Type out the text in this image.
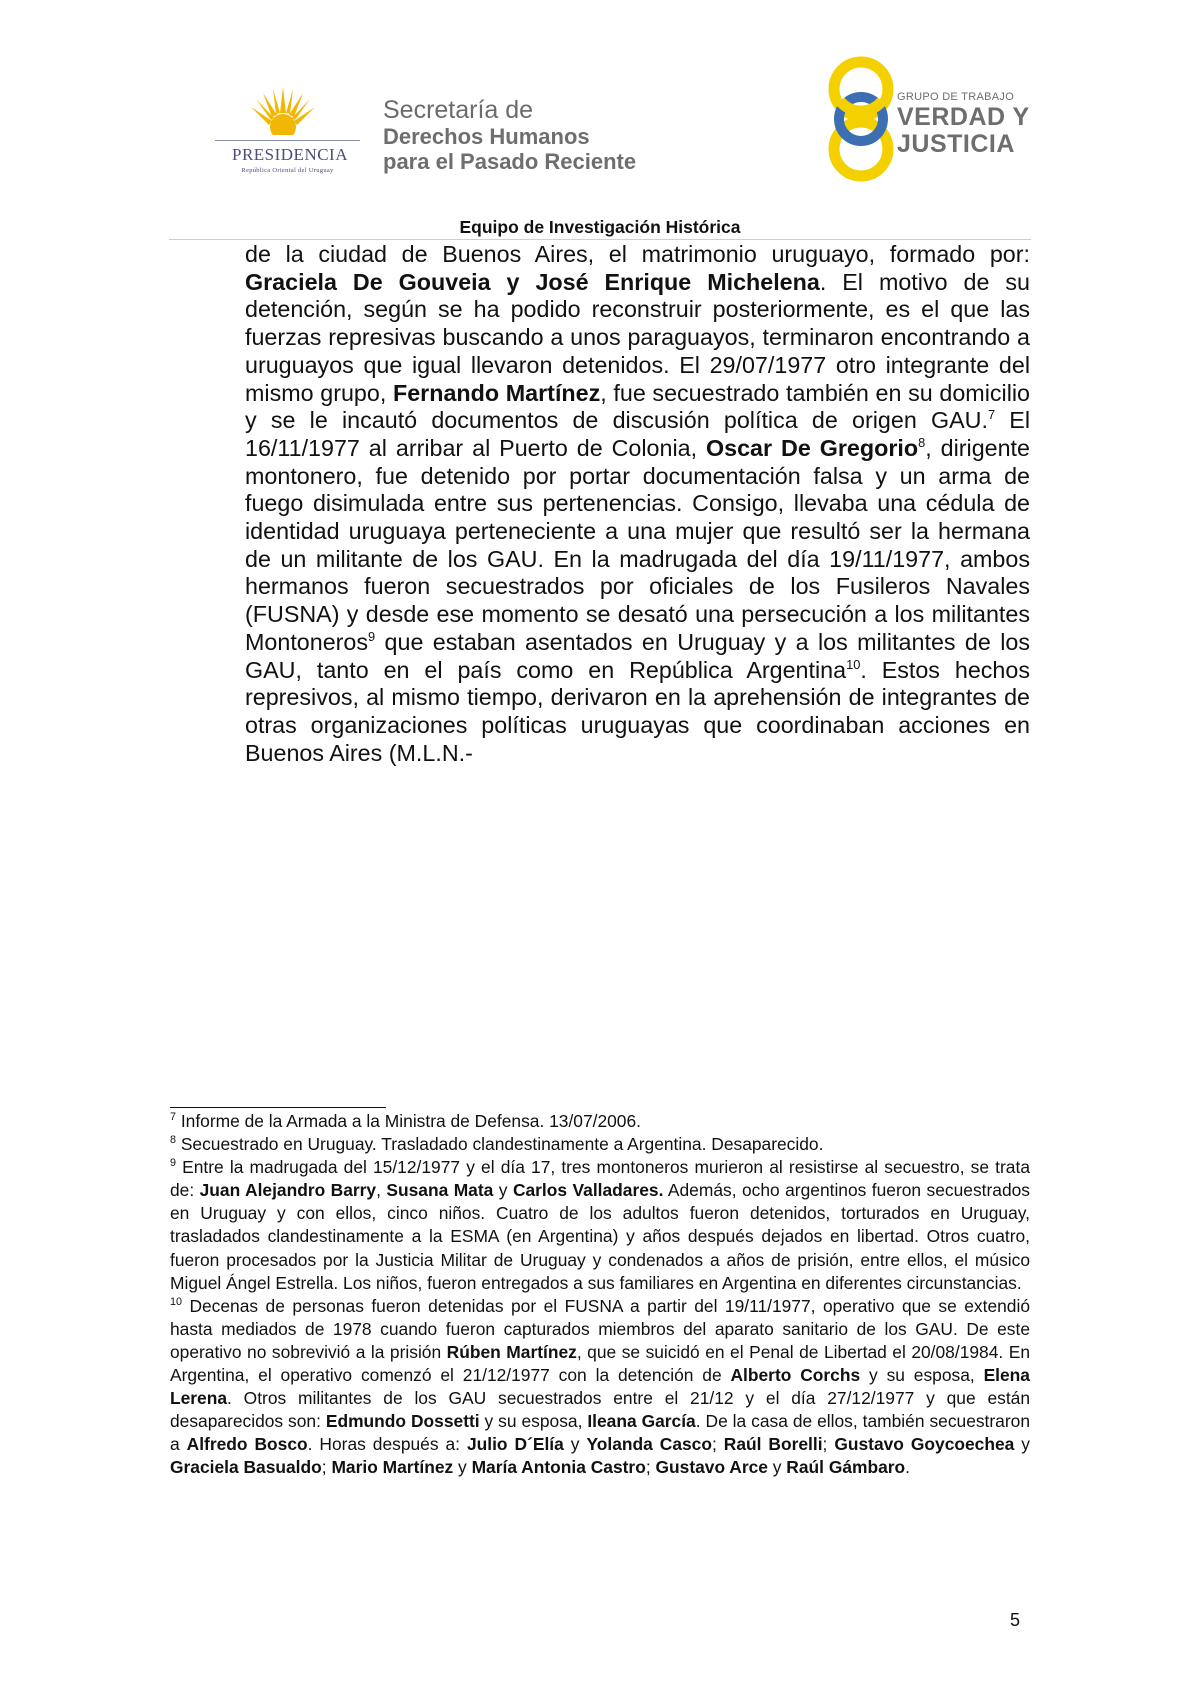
PRESIDENCIA
República Oriental del Uruguay
Secretaría de
Derechos Humanos
para el Pasado Reciente
GRUPO DE TRABAJO
VERDAD Y
JUSTICIA
Equipo de Investigación Histórica

de la ciudad de Buenos Aires, el matrimonio uruguayo, formado por: Graciela De Gouveia y José Enrique Michelena. El motivo de su detención, según se ha podido reconstruir posteriormente, es el que las fuerzas represivas buscando a unos paraguayos, terminaron encontrando a uruguayos que igual llevaron detenidos. El 29/07/1977 otro integrante del mismo grupo, Fernando Martínez, fue secuestrado también en su domicilio y se le incautó documentos de discusión política de origen GAU.$^7$ El 16/11/1977 al arribar al Puerto de Colonia, Oscar De Gregorio$^8$, dirigente montonero, fue detenido por portar documentación falsa y un arma de fuego disimulada entre sus pertenencias. Consigo, llevaba una cédula de identidad uruguaya perteneciente a una mujer que resultó ser la hermana de un militante de los GAU. En la madrugada del día 19/11/1977, ambos hermanos fueron secuestrados por oficiales de los Fusileros Navales (FUSNA) y desde ese momento se desató una persecución a los militantes Montoneros$^9$ que estaban asentados en Uruguay y a los militantes de los GAU, tanto en el país como en República Argentina$^{10}$. Estos hechos represivos, al mismo tiempo, derivaron en la aprehensión de integrantes de otras organizaciones políticas uruguayas que coordinaban acciones en Buenos Aires (M.L.N.-

$^7$ Informe de la Armada a la Ministra de Defensa. 13/07/2006.

$^8$ Secuestrado en Uruguay. Trasladado clandestinamente a Argentina. Desaparecido.

$^9$ Entre la madrugada del 15/12/1977 y el día 17, tres montoneros murieron al resistirse al secuestro, se trata de: Juan Alejandro Barry, Susana Mata y Carlos Valladares. Además, ocho argentinos fueron secuestrados en Uruguay y con ellos, cinco niños. Cuatro de los adultos fueron detenidos, torturados en Uruguay, trasladados clandestinamente a la ESMA (en Argentina) y años después dejados en libertad. Otros cuatro, fueron procesados por la Justicia Militar de Uruguay y condenados a años de prisión, entre ellos, el músico Miguel Ángel Estrella. Los niños, fueron entregados a sus familiares en Argentina en diferentes circunstancias.

$^{10}$ Decenas de personas fueron detenidas por el FUSNA a partir del 19/11/1977, operativo que se extendió hasta mediados de 1978 cuando fueron capturados miembros del aparato sanitario de los GAU. De este operativo no sobrevivió a la prisión Rúben Martínez, que se suicidó en el Penal de Libertad el 20/08/1984. En Argentina, el operativo comenzó el 21/12/1977 con la detención de Alberto Corchs y su esposa, Elena Lerena. Otros militantes de los GAU secuestrados entre el 21/12 y el día 27/12/1977 y que están desaparecidos son: Edmundo Dossetti y su esposa, Ileana García. De la casa de ellos, también secuestraron a Alfredo Bosco. Horas después a: Julio D´Elía y Yolanda Casco; Raúl Borelli; Gustavo Goycoechea y Graciela Basualdo; Mario Martínez y María Antonia Castro; Gustavo Arce y Raúl Gámbaro.

5
